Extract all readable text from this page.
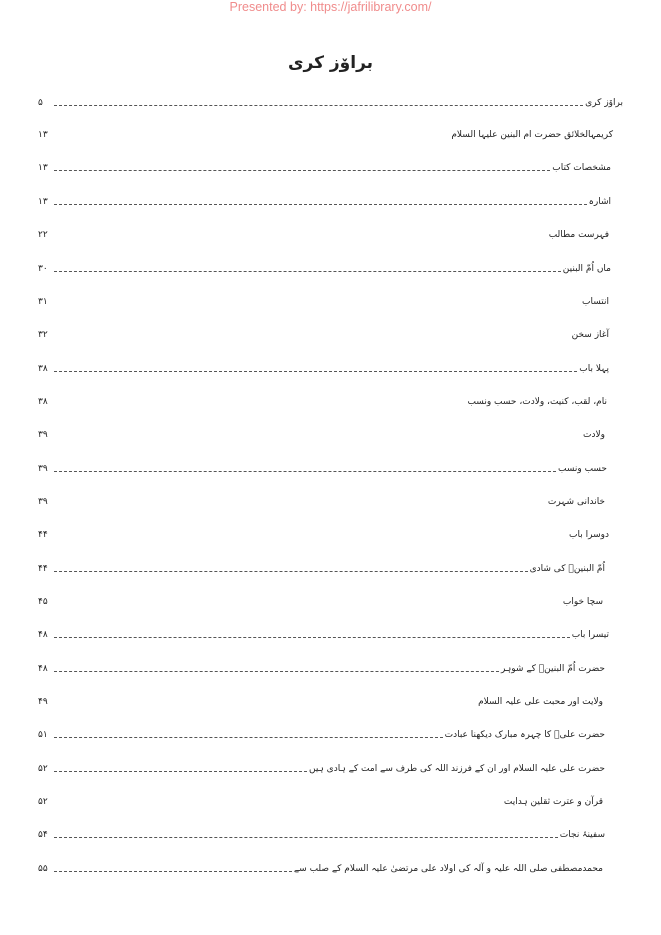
Presented by: https://jafrilibrary.com/
براۆز کری
۵	براۆز کری
۱۳	کریمہالخلائق حضرت ام البنین علیہا السلام
۱۳	مشخصات کتاب
۱۳	اشارہ
۲۲	فہرست مطالب
۳۰	ماں اُمّ البنین
۳۱	انتساب
۳۲	آغاز سخن
۳۸	پہلا باب
۳۸	نام، لقب، کنیت، ولادت، حسب ونسب
۳۹	ولادت
۳۹	حسب ونسب
۳۹	خاندانی شہرت
۴۴	دوسرا باب
۴۴	اُمّ البنینؑ کی شادی
۴۵	سچا خواب
۴۸	تیسرا باب
۴۸	حضرت اُمّ البنینؑ کے شوہر
۴۹	ولایت اور محبت علی علیہ السلام
۵۱	حضرت علیؑ کا چہرہ مبارک دیکھنا عبادت
۵۲	حضرت علی علیہ السلام اور ان کے فرزند اللہ کی طرف سے امت کے ہادی ہیں
۵۲	قرآن و عترت ثقلین ہدایت
۵۴	سفینۂ نجات
۵۵	محمدمصطفی صلی اللہ علیہ و آلہ کی اولاد علی مرتضیٰ علیہ السلام کے صلب سے
